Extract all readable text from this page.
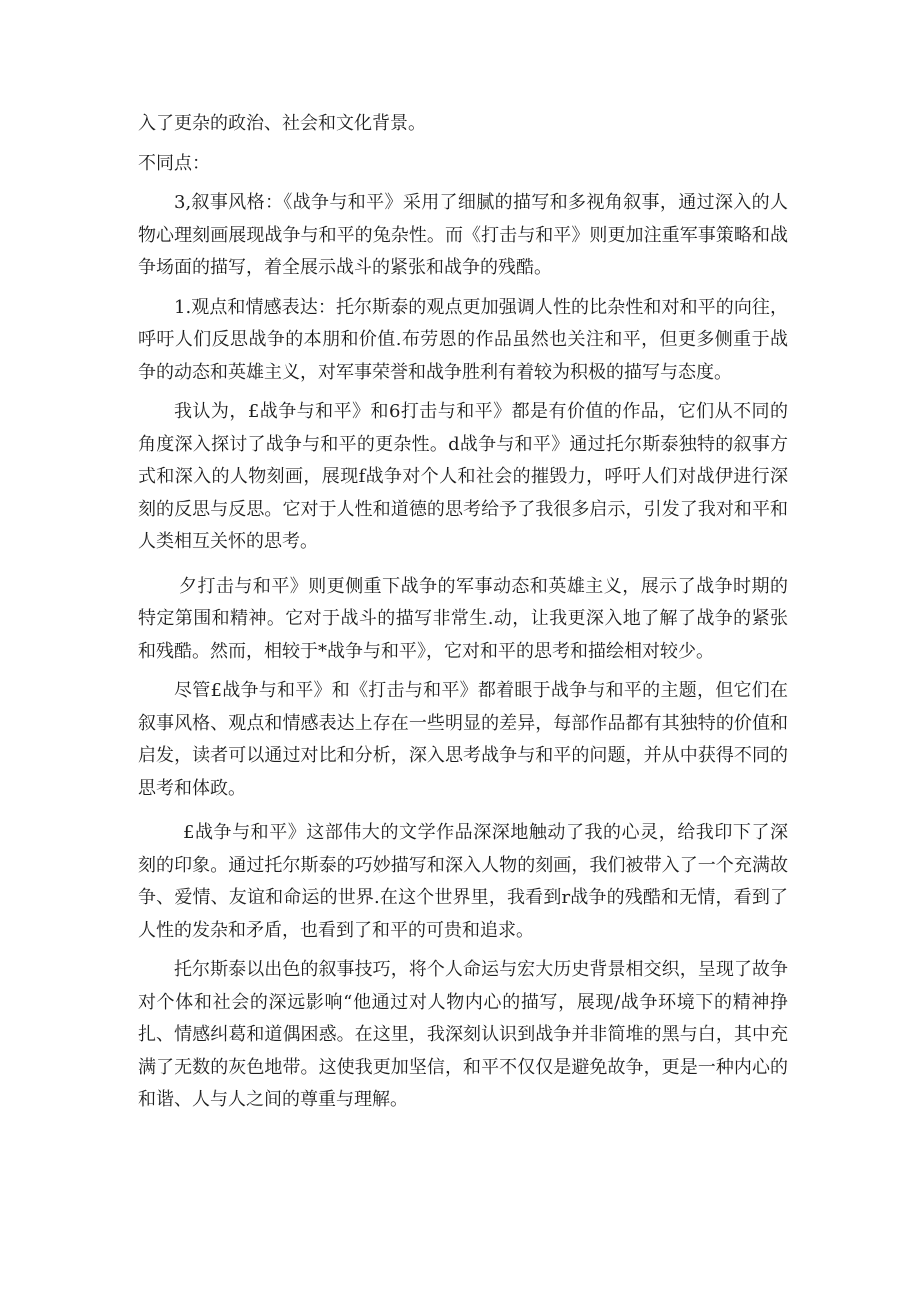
入了更杂的政治、社会和文化背景。

不同点：

3,叙事风格：《战争与和平》采用了细腻的描写和多视角叙事，通过深入的人物心理刻画展现战争与和平的兔杂性。而《打击与和平》则更加注重军事策略和战争场面的描写，着全展示战斗的紧张和战争的残酷。

1.观点和情感表达：托尔斯泰的观点更加强调人性的比杂性和对和平的向往，呼吁人们反思战争的本朋和价值.布劳恩的作品虽然也关注和平，但更多侧重于战争的动态和英雄主义，对军事荣誉和战争胜利有着较为积极的描写与态度。

我认为，£战争与和平》和6打击与和平》都是有价值的作品，它们从不同的角度深入探讨了战争与和平的更杂性。d战争与和平》通过托尔斯泰独特的叙事方式和深入的人物刻画，展现f战争对个人和社会的摧毁力，呼吁人们对战伊进行深刻的反思与反思。它对于人性和道德的思考给予了我很多启示，引发了我对和平和人类相互关怀的思考。

夕打击与和平》则更侧重下战争的军事动态和英雄主义，展示了战争时期的特定第围和精神。它对于战斗的描写非常生.动，让我更深入地了解了战争的紧张和残酷。然而，相较于*战争与和平》，它对和平的思考和描绘相对较少。

尽管£战争与和平》和《打击与和平》都着眼于战争与和平的主题，但它们在叙事风格、观点和情感表达上存在一些明显的差异，每部作品都有其独特的价值和启发，读者可以通过对比和分析，深入思考战争与和平的问题，并从中获得不同的思考和体政。

£战争与和平》这部伟大的文学作品深深地触动了我的心灵，给我印下了深刻的印象。通过托尔斯泰的巧妙描写和深入人物的刻画，我们被带入了一个充满故争、爱情、友谊和命运的世界.在这个世界里，我看到r战争的残酷和无情，看到了人性的发杂和矛盾，也看到了和平的可贵和追求。

托尔斯泰以出色的叙事技巧，将个人命运与宏大历史背景相交织，呈现了故争对个体和社会的深远影响“他通过对人物内心的描写，展现/战争环境下的精神挣扎、情感纠葛和道偶困惑。在这里，我深刻认识到战争并非简堆的黑与白，其中充满了无数的灰色地带。这使我更加坚信，和平不仅仅是避免故争，更是一种内心的和谐、人与人之间的尊重与理解。
